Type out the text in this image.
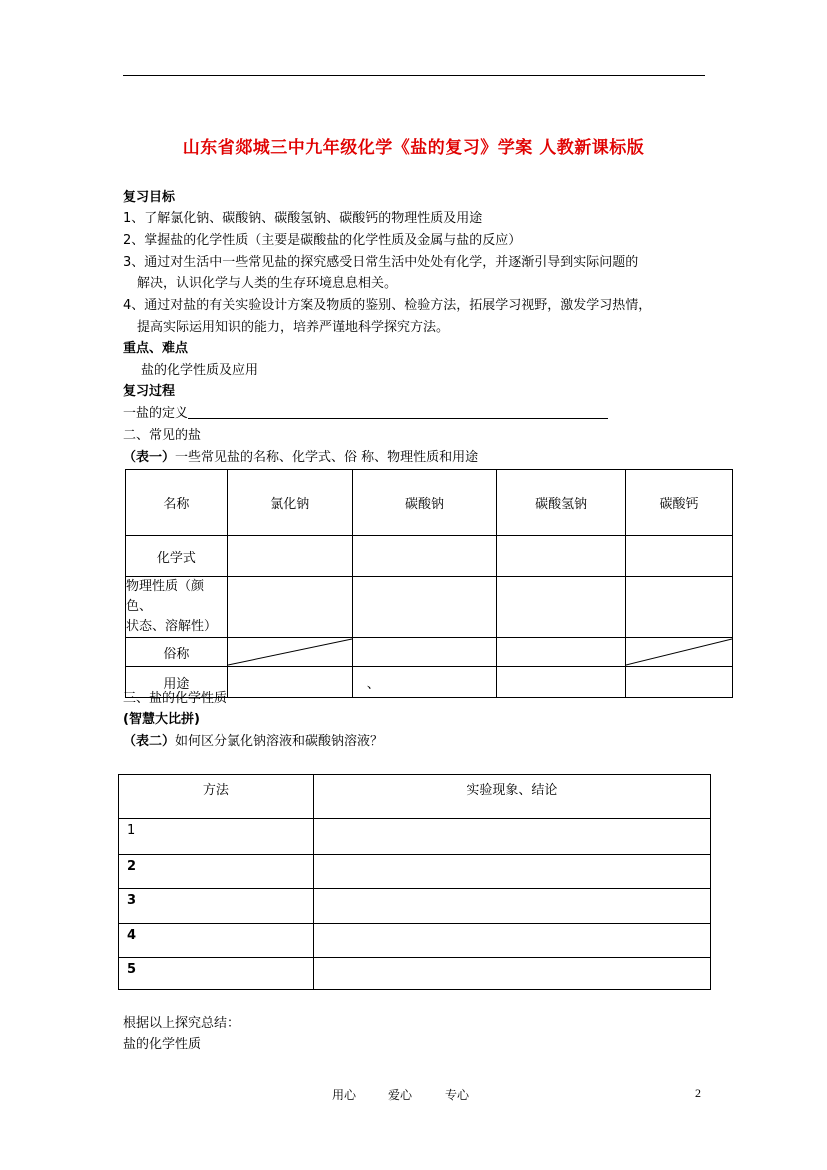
山东省郯城三中九年级化学《盐的复习》学案 人教新课标版
复习目标
1、了解氯化钠、碳酸钠、碳酸氢钠、碳酸钙的物理性质及用途
2、掌握盐的化学性质（主要是碳酸盐的化学性质及金属与盐的反应）
3、通过对生活中一些常见盐的探究感受日常生活中处处有化学，并逐渐引导到实际问题的
解决，认识化学与人类的生存环境息息相关。
4、通过对盐的有关实验设计方案及物质的鉴别、检验方法，拓展学习视野，激发学习热情，
提高实际运用知识的能力，培养严谨地科学探究方法。
重点、难点
盐的化学性质及应用
复习过程
一盐的定义
二、常见的盐
（表一）一些常见盐的名称、化学式、俗 称、物理性质和用途
名称	氯化钠	碳酸钠	碳酸氢钠	碳酸钙
化学式				

物理性质（颜色、
状态、溶解性）				

俗称	

用途		、		
三、盐的化学性质
(智慧大比拼)
（表二）如何区分氯化钠溶液和碳酸钠溶液？
方法	实验现象、结论
1	
2	
3	
4	
5	
根据以上探究总结：
盐的化学性质
用心	爱心	专心	2
